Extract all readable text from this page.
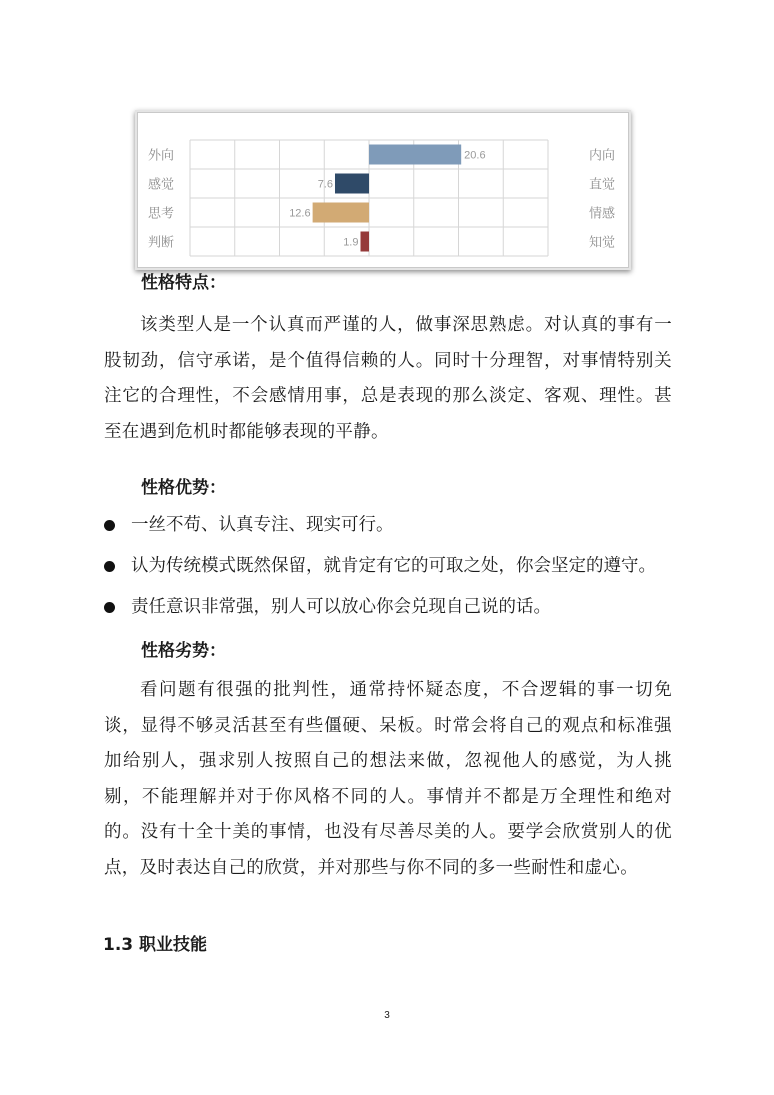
20.6
外向	内向
7.6
感觉	直觉
12.6
思考	情感
1.9
判断	知觉
性格特点：

该类型人是一个认真而严谨的人，做事深思熟虑。对认真的事有一股韧劲，信守承诺，是个值得信赖的人。同时十分理智，对事情特别关注它的合理性，不会感情用事，总是表现的那么淡定、客观、理性。甚至在遇到危机时都能够表现的平静。

性格优势：
一丝不苟、认真专注、现实可行。
认为传统模式既然保留，就肯定有它的可取之处，你会坚定的遵守。
责任意识非常强，别人可以放心你会兑现自己说的话。
性格劣势：

看问题有很强的批判性，通常持怀疑态度，不合逻辑的事一切免谈，显得不够灵活甚至有些僵硬、呆板。时常会将自己的观点和标准强加给别人，强求别人按照自己的想法来做，忽视他人的感觉，为人挑剔，不能理解并对于你风格不同的人。事情并不都是万全理性和绝对的。没有十全十美的事情，也没有尽善尽美的人。要学会欣赏别人的优点，及时表达自己的欣赏，并对那些与你不同的多一些耐性和虚心。

1.3 职业技能
3
